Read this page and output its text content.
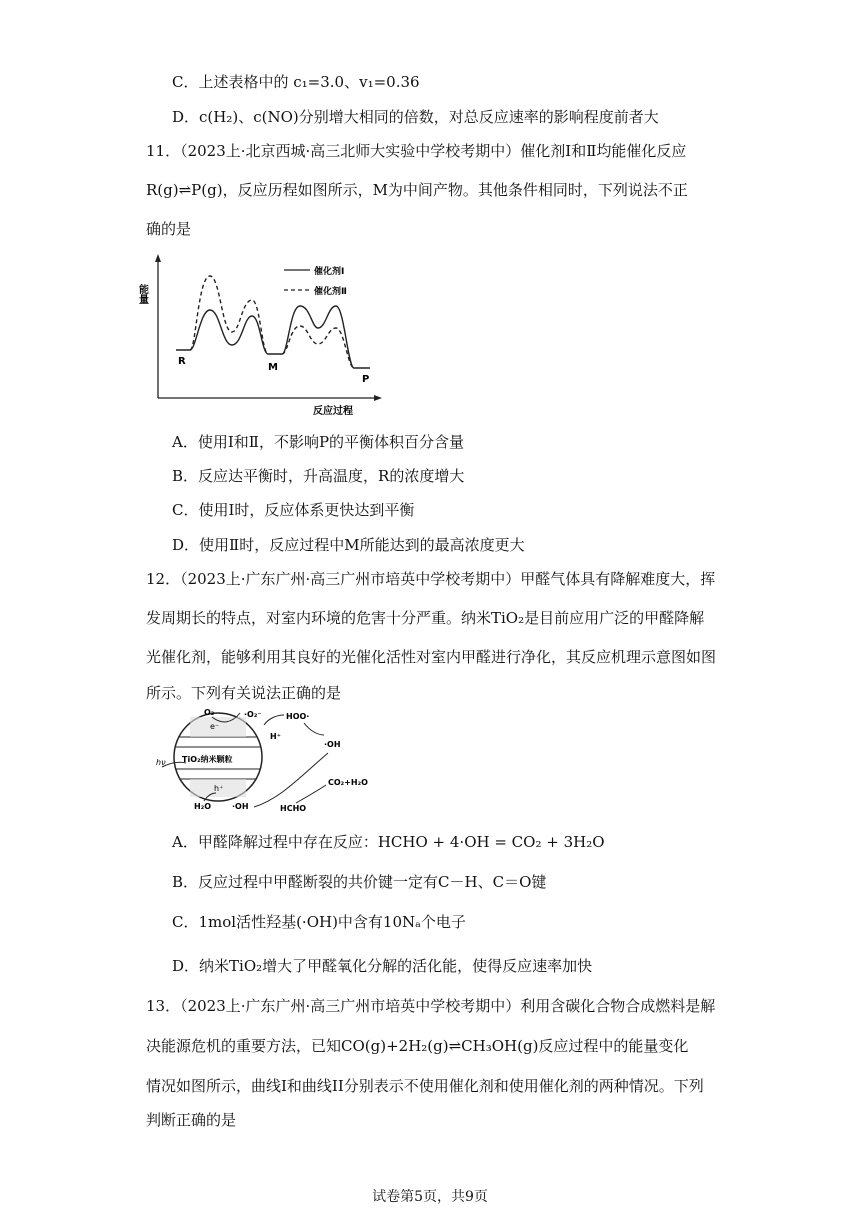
C．上述表格中的 c₁=3.0、v₁=0.36
D．c(H₂)、c(NO)分别增大相同的倍数，对总反应速率的影响程度前者大
11．（2023上·北京西城·高三北师大实验中学校考期中）催化剂Ⅰ和Ⅱ均能催化反应
R(g)⇌P(g)，反应历程如图所示，M为中间产物。其他条件相同时，下列说法不正
确的是
能量
反应过程
催化剂Ⅰ
催化剂Ⅱ
R
M
P
A．使用Ⅰ和Ⅱ，不影响P的平衡体积百分含量
B．反应达平衡时，升高温度，R的浓度增大
C．使用Ⅰ时，反应体系更快达到平衡
D．使用Ⅱ时，反应过程中M所能达到的最高浓度更大
12．（2023上·广东广州·高三广州市培英中学校考期中）甲醛气体具有降解难度大，挥
发周期长的特点，对室内环境的危害十分严重。纳米TiO₂是目前应用广泛的甲醛降解
光催化剂，能够利用其良好的光催化活性对室内甲醛进行净化，其反应机理示意图如图
所示。下列有关说法正确的是
TiO₂纳米颗粒
e⁻
h⁺
hν
O₂	·O₂⁻	HOO·
H⁺
·OH
H₂O	·OH	HCHO
CO₂+H₂O
A．甲醛降解过程中存在反应：HCHO + 4·OH = CO₂ + 3H₂O
B．反应过程中甲醛断裂的共价键一定有C－H、C＝O键
C．1mol活性羟基(·OH)中含有10Nₐ个电子
D．纳米TiO₂增大了甲醛氧化分解的活化能，使得反应速率加快
13．（2023上·广东广州·高三广州市培英中学校考期中）利用含碳化合物合成燃料是解
决能源危机的重要方法，已知CO(g)+2H₂(g)⇌CH₃OH(g)反应过程中的能量变化
情况如图所示，曲线I和曲线II分别表示不使用催化剂和使用催化剂的两种情况。下列
判断正确的是
试卷第5页，共9页
